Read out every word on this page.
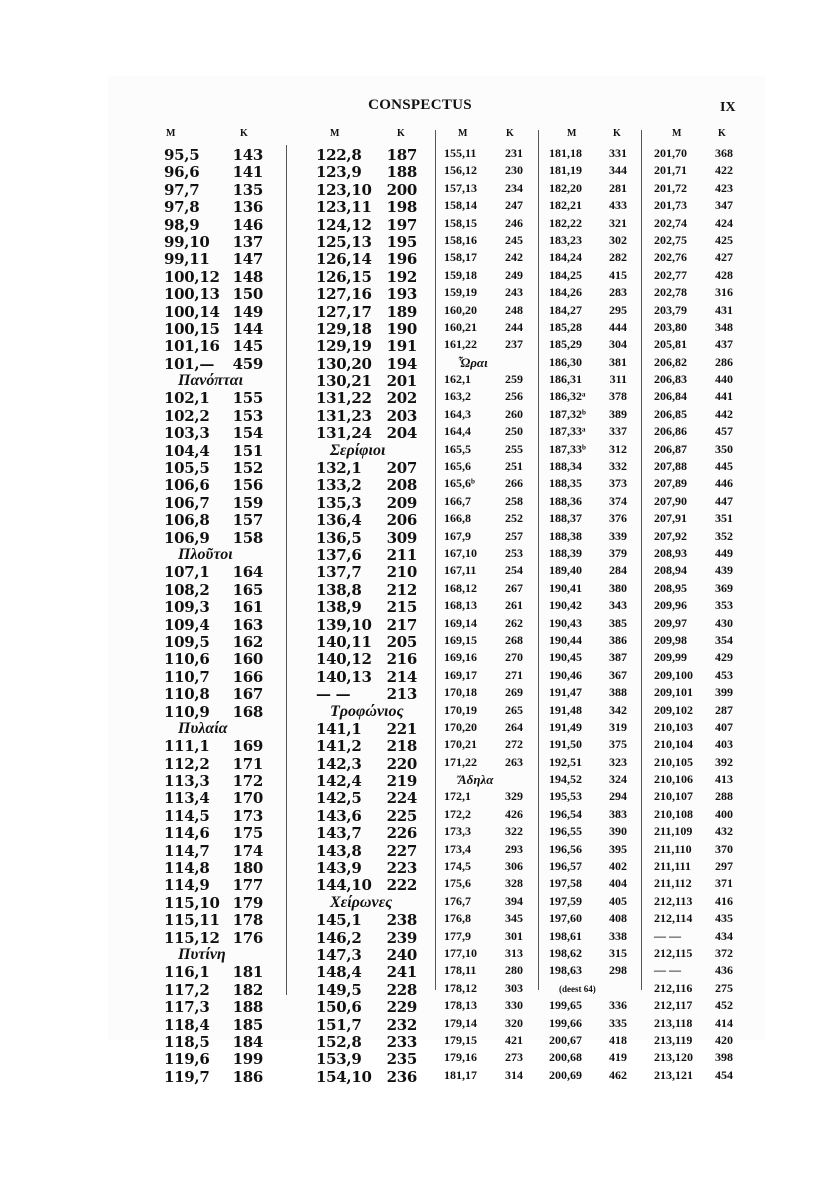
CONSPECTUS	IX
M	K
95,5 143
96,6 141
97,7 135
97,8 136
98,9 146
99,10 137
99,11 147
100,12 148
100,13 150
100,14 149
100,15 144
101,16 145
101,— 459
Πανόπται
102,1 155
102,2 153
103,3 154
104,4 151
105,5 152
106,6 156
106,7 159
106,8 157
106,9 158
Πλοῦτοι
107,1 164
108,2 165
109,3 161
109,4 163
109,5 162
110,6 160
110,7 166
110,8 167
110,9 168
Πυλαία
111,1 169
112,2 171
113,3 172
113,4 170
114,5 173
114,6 175
114,7 174
114,8 180
114,9 177
115,10 179
115,11 178
115,12 176
Πυτίνη
116,1 181
117,2 182
117,3 188
118,4 185
118,5 184
119,6 199
119,7 186
M	K
122,8 187
123,9 188
123,10 200
123,11 198
124,12 197
125,13 195
126,14 196
126,15 192
127,16 193
127,17 189
129,18 190
129,19 191
130,20 194
130,21 201
131,22 202
131,23 203
131,24 204
Σερίφιοι
132,1 207
133,2 208
135,3 209
136,4 206
136,5 309
137,6 211
137,7 210
138,8 212
138,9 215
139,10 217
140,11 205
140,12 216
140,13 214
— — 213
Τροφώνιος
141,1 221
141,2 218
142,3 220
142,4 219
142,5 224
143,6 225
143,7 226
143,8 227
143,9 223
144,10 222
Χείρωνες
145,1 238
146,2 239
147,3 240
148,4 241
149,5 228
150,6 229
151,7 232
152,8 233
153,9 235
154,10 236
M	K
155,11 231
156,12 230
157,13 234
158,14 247
158,15 246
158,16 245
158,17 242
159,18 249
159,19 243
160,20 248
160,21 244
161,22 237
Ὧραι
162,1	259
163,2	256
164,3	260
164,4	250
165,5	255
165,6	251
165,6ᵇ	266
166,7	258
166,8	252
167,9	257
167,10 253
167,11 254
168,12 267
168,13 261
169,14 262
169,15 268
169,16 270
169,17 271
170,18 269
170,19 265
170,20 264
170,21 272
171,22 263
Ἄδηλα
172,1	329
172,2	426
173,3	322
173,4	293
174,5	306
175,6	328
176,7	394
176,8	345
177,9	301
177,10 313
178,11 280
178,12 303
178,13 330
179,14 320
179,15 421
179,16 273
181,17 314
M	K
181,18 331
181,19 344
182,20 281
182,21 433
182,22 321
183,23 302
184,24 282
184,25 415
184,26 283
184,27 295
185,28 444
185,29 304
186,30 381
186,31 311
186,32ᵃ 378
187,32ᵇ 389
187,33ᵃ 337
187,33ᵇ 312
188,34 332
188,35 373
188,36 374
188,37 376
188,38 339
188,39 379
189,40 284
190,41 380
190,42 343
190,43 385
190,44 386
190,45 387
190,46 367
191,47 388
191,48 342
191,49 319
191,50 375
192,51 323
194,52 324
195,53 294
196,54 383
196,55 390
196,56 395
196,57 402
197,58 404
197,59 405
197,60 408
198,61 338
198,62 315
198,63 298
(deest 64)
199,65 336
199,66 335
200,67 418
200,68 419
200,69 462
M	K
201,70 368
201,71 422
201,72 423
201,73 347
202,74 424
202,75 425
202,76 427
202,77 428
202,78 316
203,79 431
203,80 348
205,81 437
206,82 286
206,83 440
206,84 441
206,85 442
206,86 457
206,87 350
207,88 445
207,89 446
207,90 447
207,91 351
207,92 352
208,93 449
208,94 439
208,95 369
209,96 353
209,97 430
209,98 354
209,99 429
209,100 453
209,101 399
209,102 287
210,103 407
210,104 403
210,105 392
210,106 413
210,107 288
210,108 400
211,109 432
211,110 370
211,111 297
211,112 371
212,113 416
212,114 435
— —	434
212,115 372
— —	436
212,116 275
212,117 452
213,118 414
213,119 420
213,120 398
213,121 454
